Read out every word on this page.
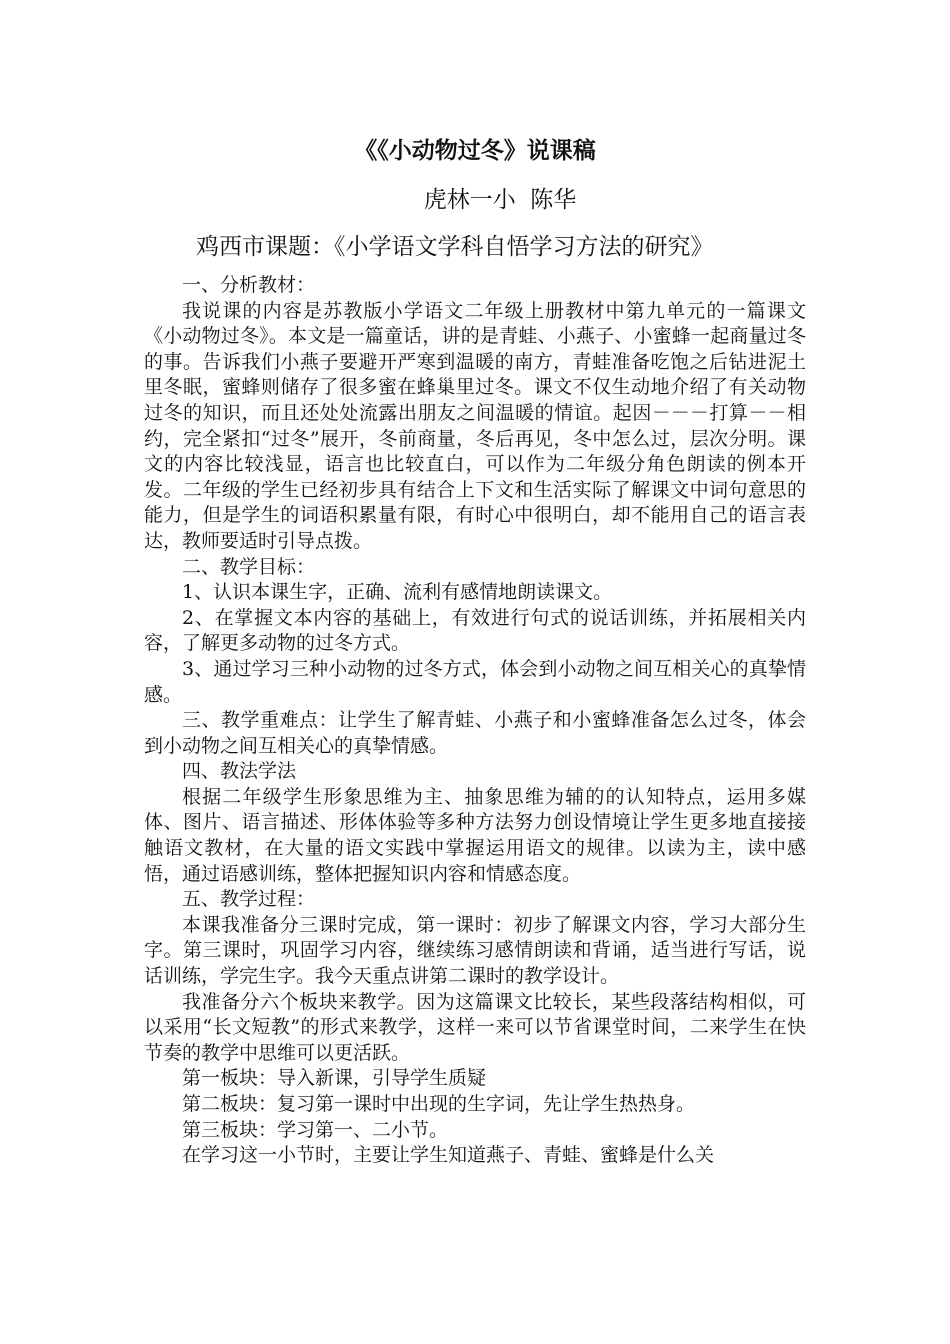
《《小动物过冬》说课稿
虎林一小  陈华
鸡西市课题：《小学语文学科自悟学习方法的研究》

一、分析教材：

我说课的内容是苏教版小学语文二年级上册教材中第九单元的一篇课文《小动物过冬》。本文是一篇童话，讲的是青蛙、小燕子、小蜜蜂一起商量过冬的事。告诉我们小燕子要避开严寒到温暖的南方，青蛙准备吃饱之后钻进泥土里冬眠，蜜蜂则储存了很多蜜在蜂巢里过冬。课文不仅生动地介绍了有关动物过冬的知识，而且还处处流露出朋友之间温暖的情谊。起因－－－打算－－相约，完全紧扣“过冬”展开，冬前商量，冬后再见，冬中怎么过，层次分明。课文的内容比较浅显，语言也比较直白，可以作为二年级分角色朗读的例本开发。二年级的学生已经初步具有结合上下文和生活实际了解课文中词句意思的能力，但是学生的词语积累量有限，有时心中很明白，却不能用自己的语言表达，教师要适时引导点拨。

二、教学目标：

1、认识本课生字，正确、流利有感情地朗读课文。

2、在掌握文本内容的基础上，有效进行句式的说话训练，并拓展相关内容，了解更多动物的过冬方式。

3、通过学习三种小动物的过冬方式，体会到小动物之间互相关心的真挚情感。

三、教学重难点：让学生了解青蛙、小燕子和小蜜蜂准备怎么过冬，体会到小动物之间互相关心的真挚情感。

四、教法学法

根据二年级学生形象思维为主、抽象思维为辅的的认知特点，运用多媒体、图片、语言描述、形体体验等多种方法努力创设情境让学生更多地直接接触语文教材，在大量的语文实践中掌握运用语文的规律。以读为主，读中感悟，通过语感训练，整体把握知识内容和情感态度。

五、教学过程：

本课我准备分三课时完成，第一课时：初步了解课文内容，学习大部分生字。第三课时，巩固学习内容，继续练习感情朗读和背诵，适当进行写话，说话训练，学完生字。我今天重点讲第二课时的教学设计。

我准备分六个板块来教学。因为这篇课文比较长，某些段落结构相似，可以采用“长文短教”的形式来教学，这样一来可以节省课堂时间，二来学生在快节奏的教学中思维可以更活跃。

第一板块：导入新课，引导学生质疑

第二板块：复习第一课时中出现的生字词，先让学生热热身。

第三板块：学习第一、二小节。

在学习这一小节时，主要让学生知道燕子、青蛙、蜜蜂是什么关
